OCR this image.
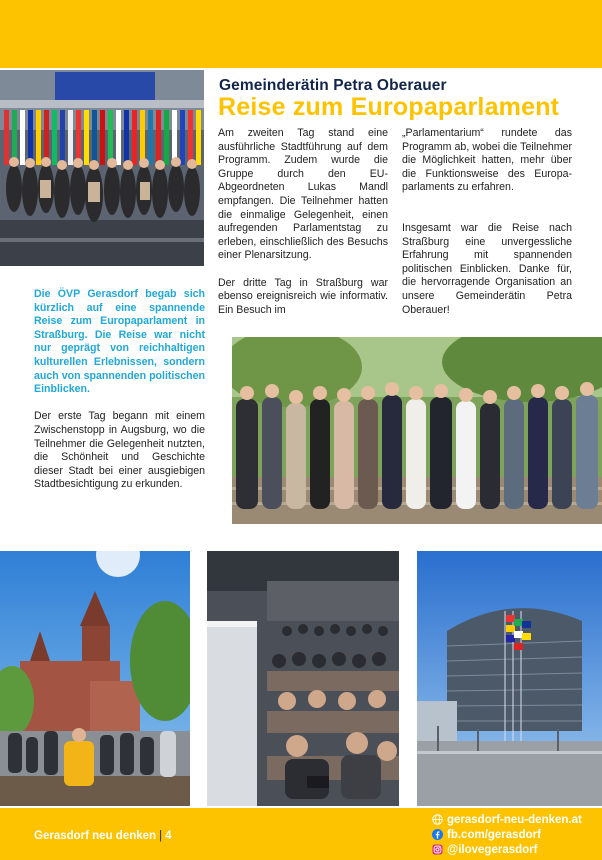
Gemeinderätin Petra Oberauer
Reise zum Europaparlament

Am zweiten Tag stand eine ausführliche Stadtführung auf dem Programm. Zudem wurde die Gruppe durch den EU-Abgeordneten Lukas Mandl empfangen. Die Teilnehmer hatten die einmalige Gelegenheit, einen aufregenden Parlamentstag zu erleben, einschließlich des Besuchs einer Plenarsitzung.

Der dritte Tag in Straßburg war ebenso ereignisreich wie informativ. Ein Besuch im

„Parlamentarium“ rundete das Programm ab, wobei die Teilnehmer die Möglichkeit hatten, mehr über die Funktionsweise des Europa-parlaments zu erfahren.

Insgesamt war die Reise nach Straßburg eine unvergessliche Erfahrung mit spannenden politischen Einblicken. Danke für, die hervorragende Organisation an unsere Gemeinderätin Petra Oberauer!

Die ÖVP Gerasdorf begab sich kürzlich auf eine spannende Reise zum Europaparlament in Straßburg. Die Reise war nicht nur geprägt von reichhaltigen kulturellen Erlebnissen, sondern auch von spannenden politischen Einblicken.

Der erste Tag begann mit einem Zwischenstopp in Augsburg, wo die Teilnehmer die Gelegenheit nutzten, die Schönheit und Geschichte dieser Stadt bei einer ausgiebigen Stadtbesichtigung zu erkunden.

Gerasdorf neu denken | 4
gerasdorf-neu-denken.at
fb.com/gerasdorf
@ilovegerasdorf
